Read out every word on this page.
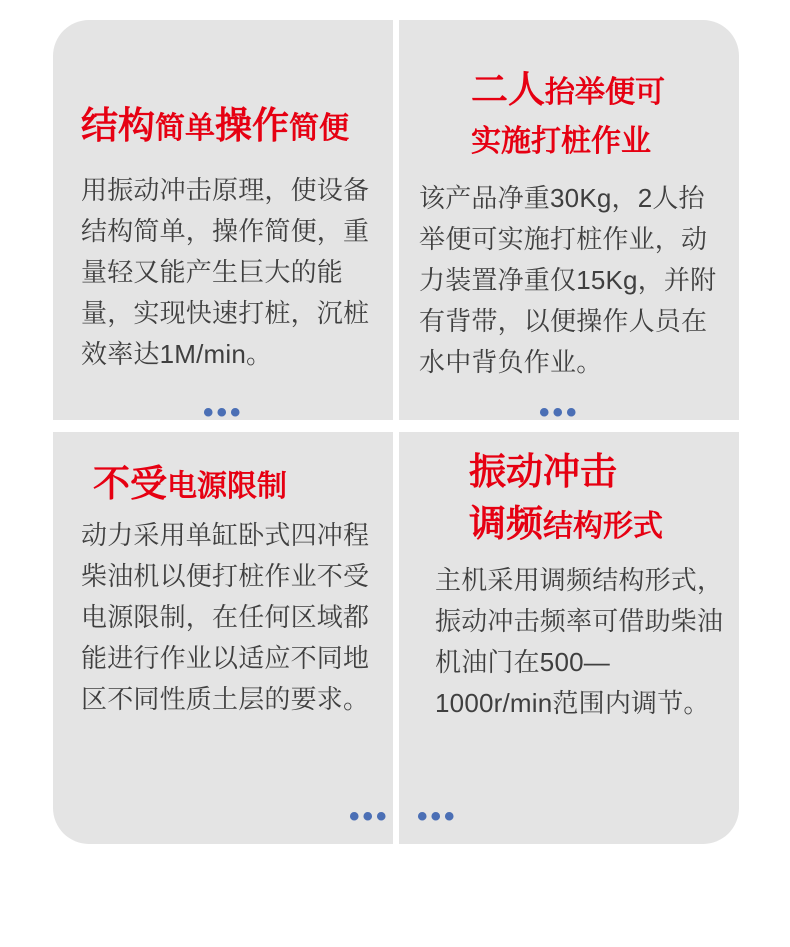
结构简单操作简便

用振动冲击原理，使设备结构简单，操作简便，重量轻又能产生巨大的能量，实现快速打桩，沉桩效率达1M/min。

•••
二人抬举便可
实施打桩作业

该产品净重30Kg，2人抬举便可实施打桩作业，动力装置净重仅15Kg，并附有背带，以便操作人员在水中背负作业。

•••
不受电源限制

动力采用单缸卧式四冲程柴油机以便打桩作业不受电源限制，在任何区域都能进行作业以适应不同地区不同性质土层的要求。

•••
振动冲击
调频结构形式

主机采用调频结构形式，振动冲击频率可借助柴油机油门在500—1000r/min范围内调节。

•••
